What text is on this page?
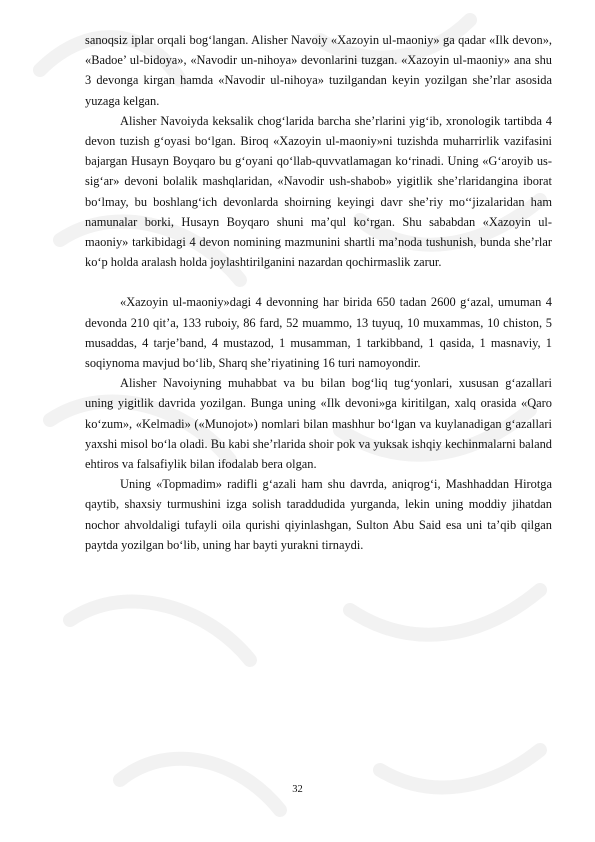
sanoqsiz iplar orqali bog‘langan. Alisher Navoiy «Xazoyin ul-maoniy» ga qadar «Ilk devon», «Badoe’ ul-bidoya», «Navodir un-nihoya» devonlarini tuzgan. «Xazoyin ul-maoniy» ana shu 3 devonga kirgan hamda «Navodir ul-nihoya» tuzilgandan keyin yozilgan she’rlar asosida yuzaga kelgan.

Alisher Navoiyda keksalik chog‘larida barcha she’rlarini yig‘ib, xronologik tartibda 4 devon tuzish g‘oyasi bo‘lgan. Biroq «Xazoyin ul-maoniy»ni tuzishda muharrirlik vazifasini bajargan Husayn Boyqaro bu g‘oyani qo‘llab-quvvatlamagan ko‘rinadi. Uning «G‘aroyib us-sig‘ar» devoni bolalik mashqlaridan, «Navodir ush-shabob» yigitlik she’rlaridangina iborat bo‘lmay, bu boshlang‘ich devonlarda shoirning keyingi davr she’riy mo‘‘jizalaridan ham namunalar borki, Husayn Boyqaro shuni ma’qul ko‘rgan. Shu sababdan «Xazoyin ul-maoniy» tarkibidagi 4 devon nomining mazmunini shartli ma’noda tushunish, bunda she’rlar ko‘p holda aralash holda joylashtirilganini nazardan qochirmaslik zarur.

«Xazoyin ul-maoniy»dagi 4 devonning har birida 650 tadan 2600 g‘azal, umuman 4 devonda 210 qit’a, 133 ruboiy, 86 fard, 52 muammo, 13 tuyuq, 10 muxammas, 10 chiston, 5 musaddas, 4 tarje’band, 4 mustazod, 1 musamman, 1 tarkibband, 1 qasida, 1 masnaviy, 1 soqiynoma mavjud bo‘lib, Sharq she’riyatining 16 turi namoyondir.

Alisher Navoiyning muhabbat va bu bilan bog‘liq tug‘yonlari, xususan g‘azallari uning yigitlik davrida yozilgan. Bunga uning «Ilk devoni»ga kiritilgan, xalq orasida «Qaro ko‘zum», «Kelmadi» («Munojot») nomlari bilan mashhur bo‘lgan va kuylanadigan g‘azallari yaxshi misol bo‘la oladi. Bu kabi she’rlarida shoir pok va yuksak ishqiy kechinmalarni baland ehtiros va falsafiylik bilan ifodalab bera olgan.

Uning «Topmadim» radifli g‘azali ham shu davrda, aniqrog‘i, Mashhaddan Hirotga qaytib, shaxsiy turmushini izga solish taraddudida yurganda, lekin uning moddiy jihatdan nochor ahvoldaligi tufayli oila qurishi qiyinlashgan, Sulton Abu Said esa uni ta’qib qilgan paytda yozilgan bo‘lib, uning har bayti yurakni tirnaydi.

32
